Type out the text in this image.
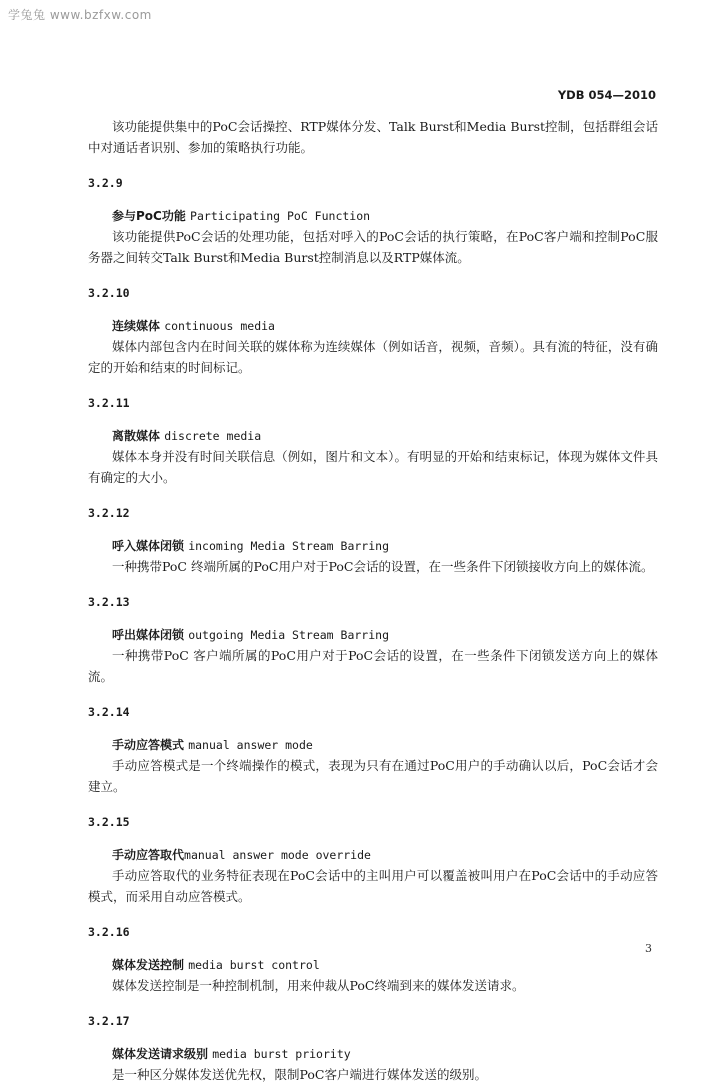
学兔兔 www.bzfxw.com
YDB 054—2010

该功能提供集中的PoC会话操控、RTP媒体分发、Talk Burst和Media Burst控制，包括群组会话中对通话者识别、参加的策略执行功能。

3.2.9
参与PoC功能 Participating PoC Function

该功能提供PoC会话的处理功能，包括对呼入的PoC会话的执行策略，在PoC客户端和控制PoC服务器之间转交Talk Burst和Media Burst控制消息以及RTP媒体流。

3.2.10
连续媒体 continuous media

媒体内部包含内在时间关联的媒体称为连续媒体（例如话音，视频，音频）。具有流的特征，没有确定的开始和结束的时间标记。

3.2.11
离散媒体 discrete media

媒体本身并没有时间关联信息（例如，图片和文本）。有明显的开始和结束标记，体现为媒体文件具有确定的大小。

3.2.12
呼入媒体闭锁 incoming Media Stream Barring

一种携带PoC 终端所属的PoC用户对于PoC会话的设置，在一些条件下闭锁接收方向上的媒体流。

3.2.13
呼出媒体闭锁 outgoing Media Stream Barring

一种携带PoC 客户端所属的PoC用户对于PoC会话的设置，在一些条件下闭锁发送方向上的媒体流。

3.2.14
手动应答模式 manual answer mode

手动应答模式是一个终端操作的模式，表现为只有在通过PoC用户的手动确认以后，PoC会话才会建立。

3.2.15
手动应答取代manual answer mode override

手动应答取代的业务特征表现在PoC会话中的主叫用户可以覆盖被叫用户在PoC会话中的手动应答模式，而采用自动应答模式。

3.2.16
媒体发送控制 media burst control

媒体发送控制是一种控制机制，用来仲裁从PoC终端到来的媒体发送请求。

3.2.17
媒体发送请求级别 media burst priority

是一种区分媒体发送优先权，限制PoC客户端进行媒体发送的级别。

3
